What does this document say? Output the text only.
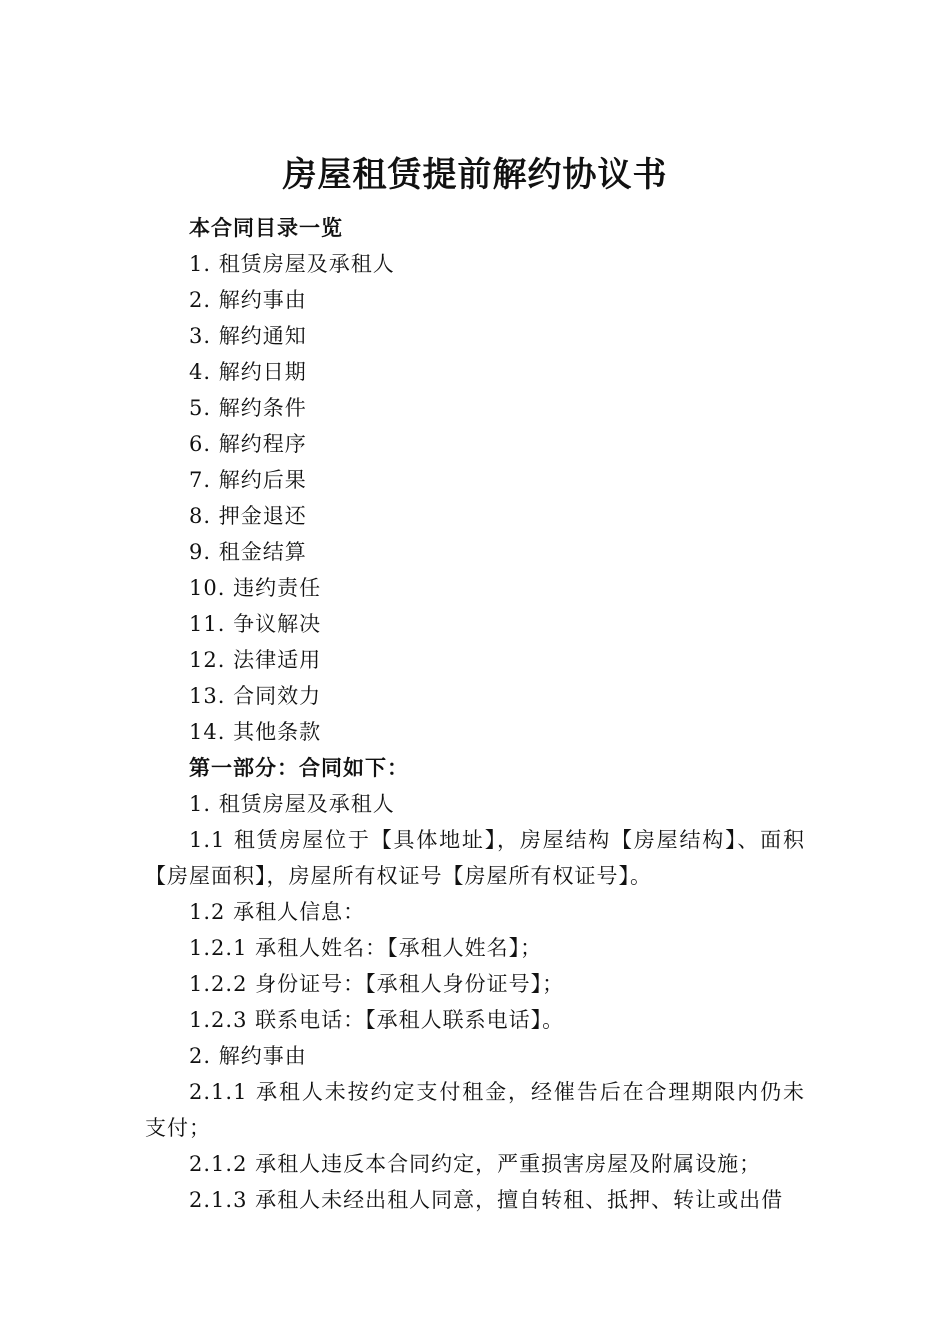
房屋租赁提前解约协议书

本合同目录一览

1. 租赁房屋及承租人

2. 解约事由

3. 解约通知

4. 解约日期

5. 解约条件

6. 解约程序

7. 解约后果

8. 押金退还

9. 租金结算

10. 违约责任

11. 争议解决

12. 法律适用

13. 合同效力

14. 其他条款

第一部分：合同如下：

1. 租赁房屋及承租人

1.1 租赁房屋位于【具体地址】，房屋结构【房屋结构】、面积【房屋面积】，房屋所有权证号【房屋所有权证号】。

1.2 承租人信息：

1.2.1 承租人姓名：【承租人姓名】；

1.2.2 身份证号：【承租人身份证号】；

1.2.3 联系电话：【承租人联系电话】。

2. 解约事由

2.1.1 承租人未按约定支付租金，经催告后在合理期限内仍未支付；

2.1.2 承租人违反本合同约定，严重损害房屋及附属设施；

2.1.3 承租人未经出租人同意，擅自转租、抵押、转让或出借
